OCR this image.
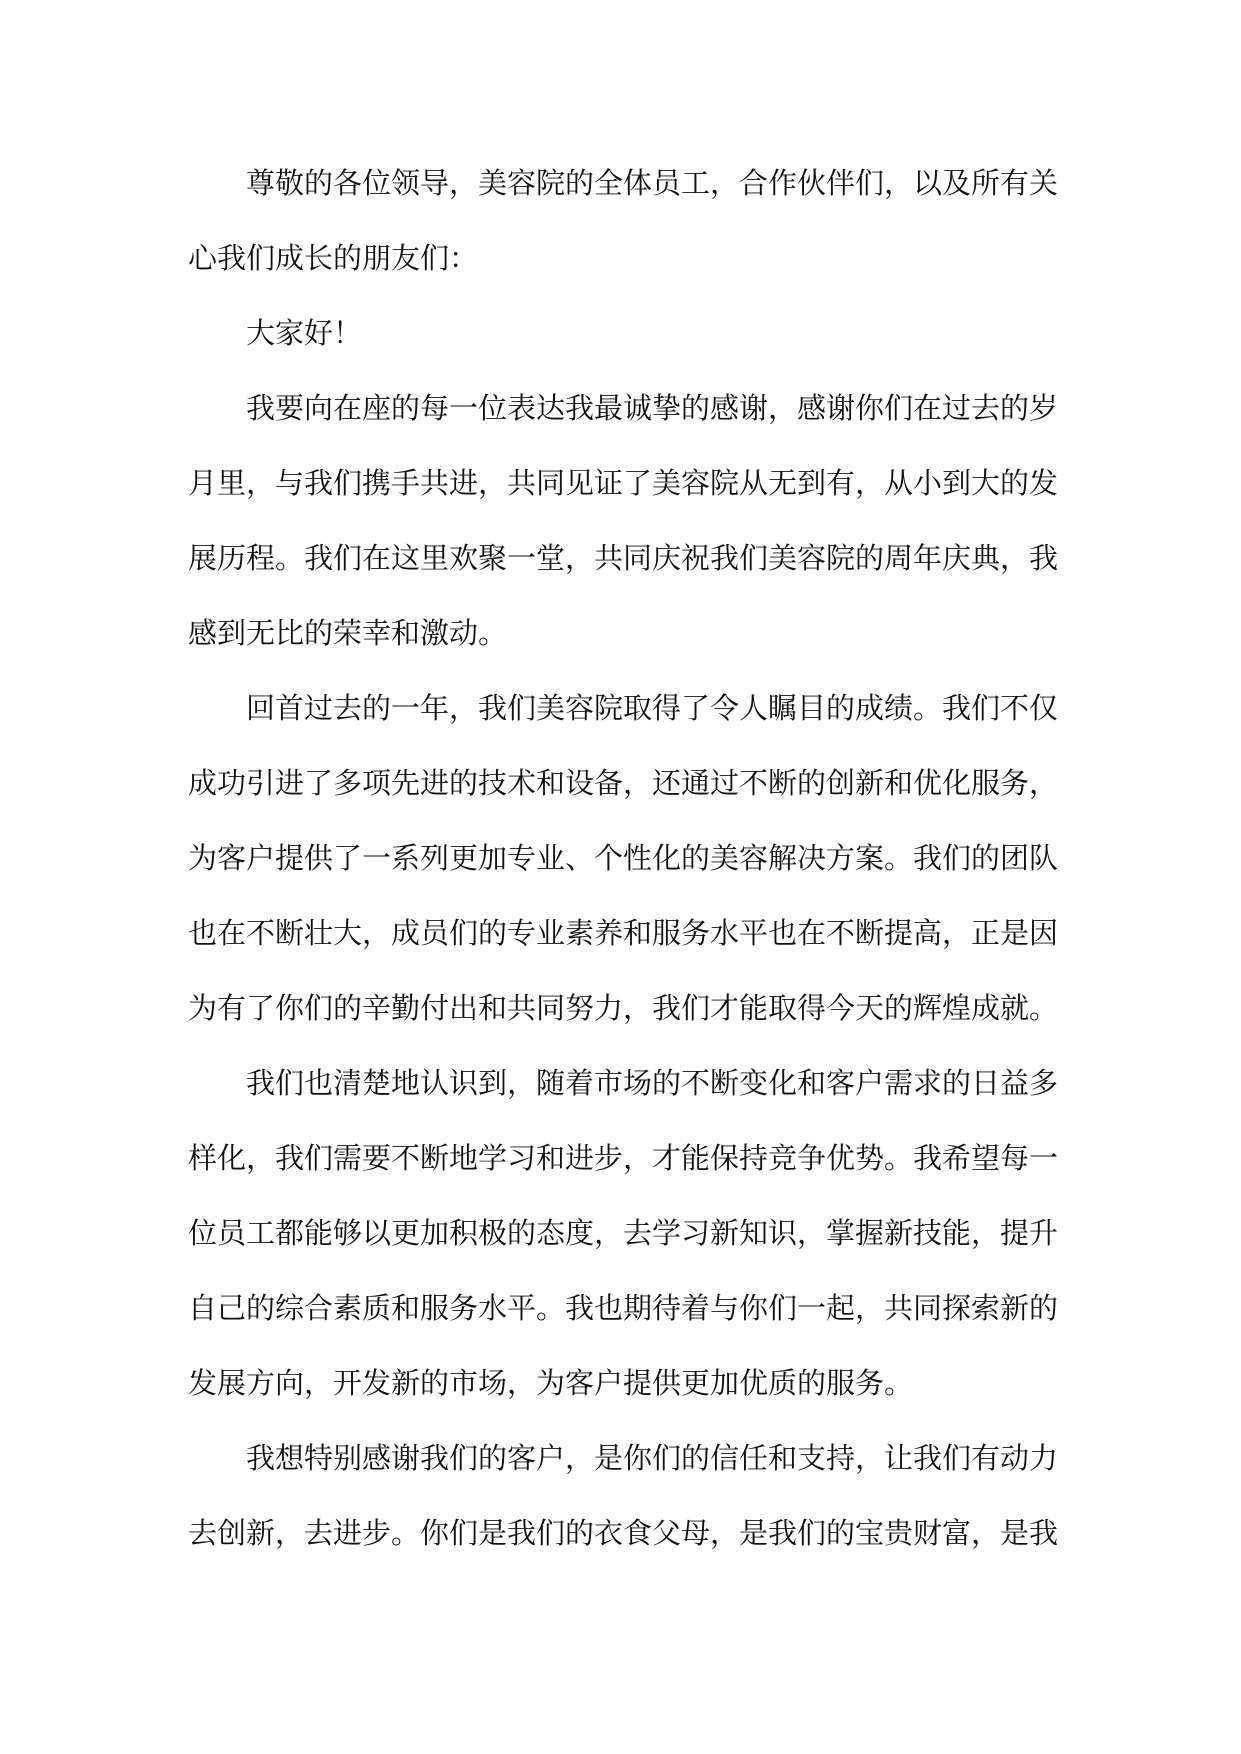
尊敬的各位领导，美容院的全体员工，合作伙伴们，以及所有关心我们成长的朋友们：

大家好！

我要向在座的每一位表达我最诚挚的感谢，感谢你们在过去的岁月里，与我们携手共进，共同见证了美容院从无到有，从小到大的发展历程。我们在这里欢聚一堂，共同庆祝我们美容院的周年庆典，我感到无比的荣幸和激动。

回首过去的一年，我们美容院取得了令人瞩目的成绩。我们不仅成功引进了多项先进的技术和设备，还通过不断的创新和优化服务，为客户提供了一系列更加专业、个性化的美容解决方案。我们的团队也在不断壮大，成员们的专业素养和服务水平也在不断提高，正是因为有了你们的辛勤付出和共同努力，我们才能取得今天的辉煌成就。

我们也清楚地认识到，随着市场的不断变化和客户需求的日益多样化，我们需要不断地学习和进步，才能保持竞争优势。我希望每一位员工都能够以更加积极的态度，去学习新知识，掌握新技能，提升自己的综合素质和服务水平。我也期待着与你们一起，共同探索新的发展方向，开发新的市场，为客户提供更加优质的服务。

我想特别感谢我们的客户，是你们的信任和支持，让我们有动力去创新，去进步。你们是我们的衣食父母，是我们的宝贵财富，是我
